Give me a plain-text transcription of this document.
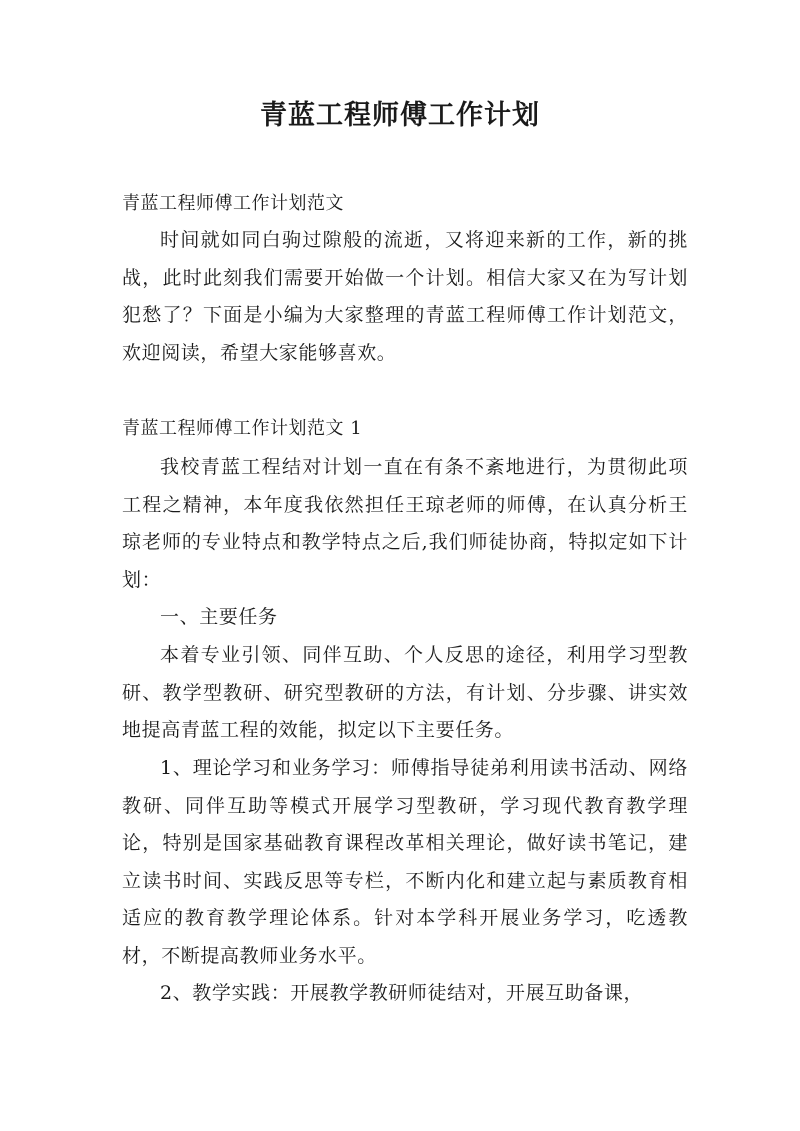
青蓝工程师傅工作计划

青蓝工程师傅工作计划范文

时间就如同白驹过隙般的流逝，又将迎来新的工作，新的挑战，此时此刻我们需要开始做一个计划。相信大家又在为写计划犯愁了？下面是小编为大家整理的青蓝工程师傅工作计划范文，欢迎阅读，希望大家能够喜欢。

青蓝工程师傅工作计划范文 1

我校青蓝工程结对计划一直在有条不紊地进行，为贯彻此项工程之精神，本年度我依然担任王琼老师的师傅，在认真分析王琼老师的专业特点和教学特点之后,我们师徒协商，特拟定如下计划：

一、主要任务

本着专业引领、同伴互助、个人反思的途径，利用学习型教研、教学型教研、研究型教研的方法，有计划、分步骤、讲实效地提高青蓝工程的效能，拟定以下主要任务。

1、理论学习和业务学习：师傅指导徒弟利用读书活动、网络教研、同伴互助等模式开展学习型教研，学习现代教育教学理论，特别是国家基础教育课程改革相关理论，做好读书笔记，建立读书时间、实践反思等专栏，不断内化和建立起与素质教育相适应的教育教学理论体系。针对本学科开展业务学习，吃透教材，不断提高教师业务水平。

2、教学实践：开展教学教研师徒结对，开展互助备课，
